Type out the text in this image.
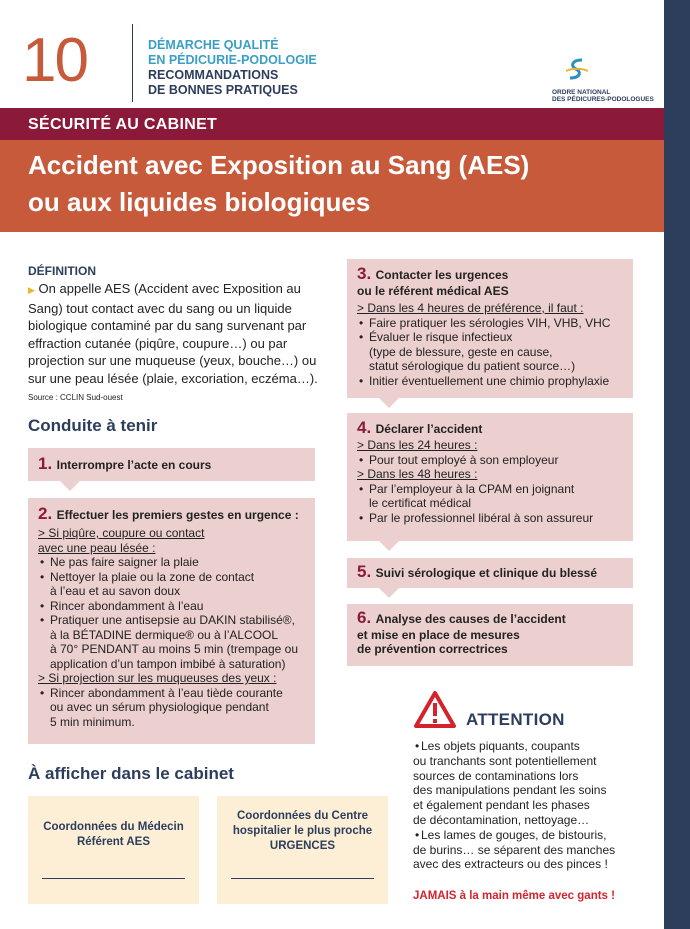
10	DÉMARCHE QUALITÉ
EN PÉDICURIE-PODOLOGIE
RECOMMANDATIONS
DE BONNES PRATIQUES	ORDRE NATIONAL
DES PÉDICURES-PODOLOGUES
SÉCURITÉ AU CABINET
Accident avec Exposition au Sang (AES)
ou aux liquides biologiques
DÉFINITION
▶ On appelle AES (Accident avec Exposition au Sang) tout contact avec du sang ou un liquide biologique contaminé par du sang survenant par effraction cutanée (piqûre, coupure…) ou par projection sur une muqueuse (yeux, bouche…) ou sur une peau lésée (plaie, excoriation, eczéma…). Source : CCLIN Sud-ouest
Conduite à tenir
1. Interrompre l’acte en cours
2. Effectuer les premiers gestes en urgence :
> Si piqûre, coupure ou contact
avec une peau lésée :
• Ne pas faire saigner la plaie
• Nettoyer la plaie ou la zone de contact
à l’eau et au savon doux
• Rincer abondamment à l’eau
• Pratiquer une antisepsie au DAKIN stabilisé®,
à la BÉTADINE dermique® ou à l’ALCOOL
à 70° PENDANT au moins 5 min (trempage ou
application d’un tampon imbibé à saturation)
> Si projection sur les muqueuses des yeux :
• Rincer abondamment à l’eau tiède courante
ou avec un sérum physiologique pendant
5 min minimum.
3. Contacter les urgences
ou le référent médical AES
> Dans les 4 heures de préférence, il faut :
• Faire pratiquer les sérologies VIH, VHB, VHC
• Évaluer le risque infectieux
(type de blessure, geste en cause,
statut sérologique du patient source…)
• Initier éventuellement une chimio prophylaxie
4. Déclarer l’accident
> Dans les 24 heures :
• Pour tout employé à son employeur
> Dans les 48 heures :
• Par l’employeur à la CPAM en joignant
le certificat médical
• Par le professionnel libéral à son assureur
5. Suivi sérologique et clinique du blessé
6. Analyse des causes de l’accident
et mise en place de mesures
de prévention correctrices
À afficher dans le cabinet
Coordonnées du Médecin
Référent AES
Coordonnées du Centre
hospitalier le plus proche
URGENCES
ATTENTION
• Les objets piquants, coupants
ou tranchants sont potentiellement
sources de contaminations lors
des manipulations pendant les soins
et également pendant les phases
de décontamination, nettoyage…
• Les lames de gouges, de bistouris,
de burins… se séparent des manches
avec des extracteurs ou des pinces !
JAMAIS à la main même avec gants !
